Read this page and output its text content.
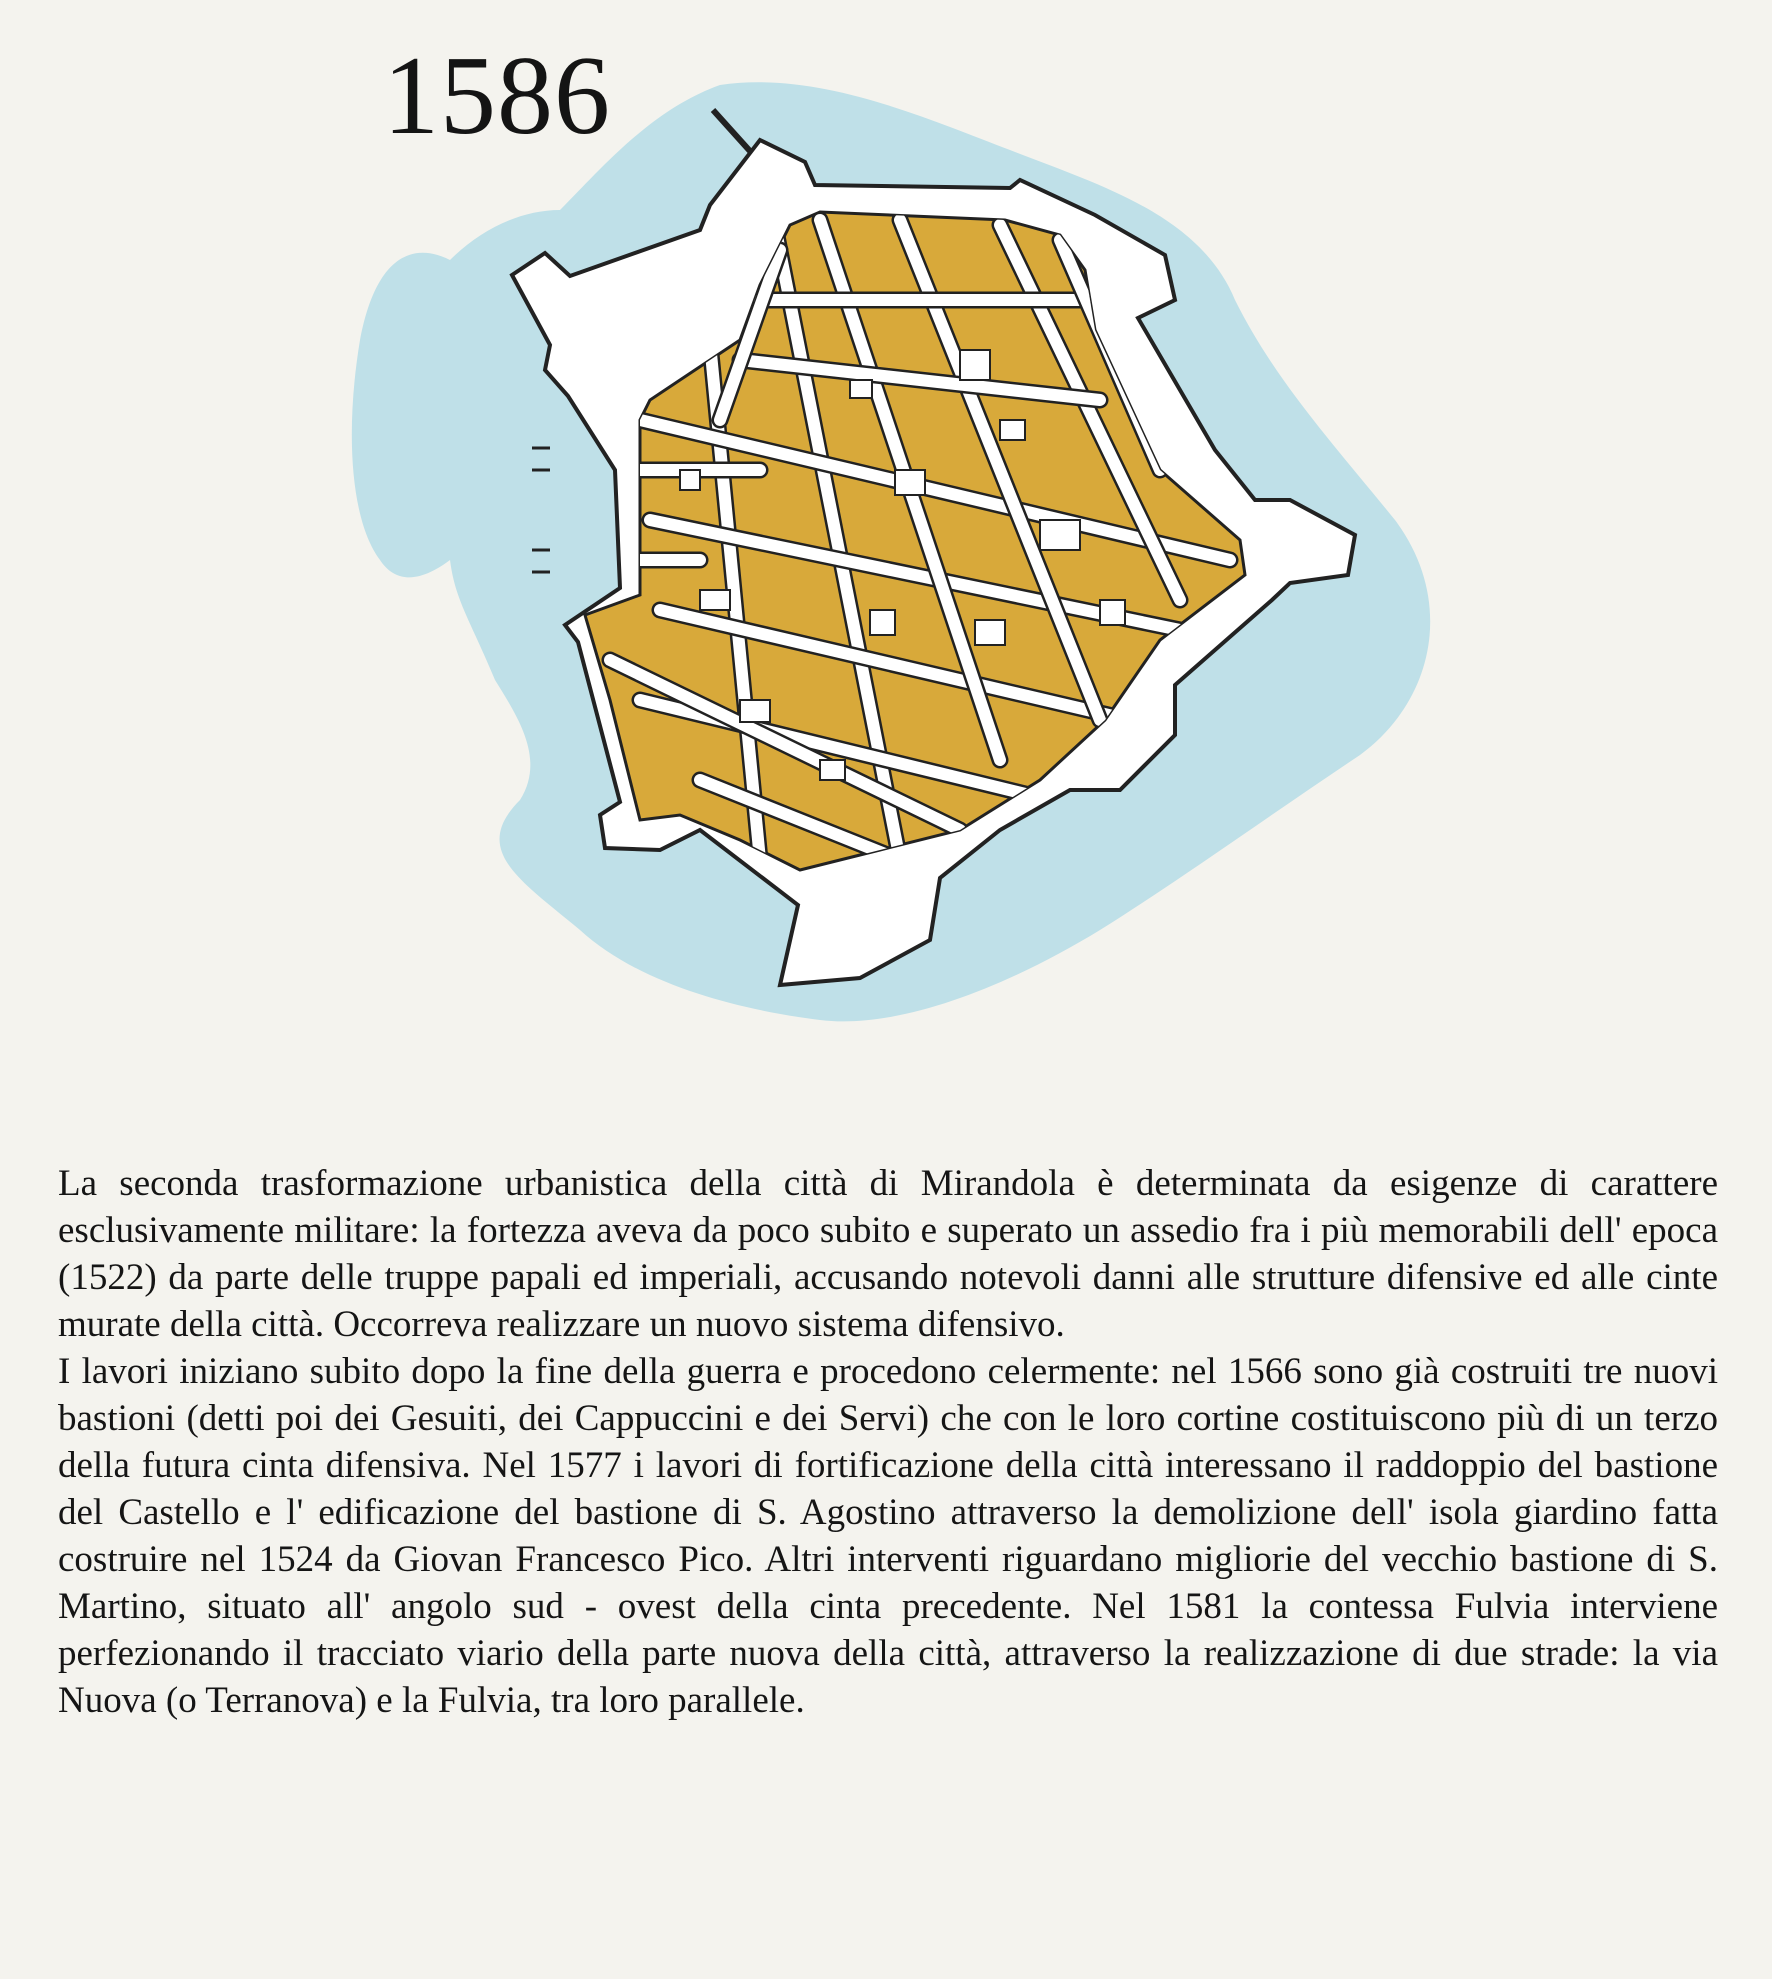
1586

La seconda trasformazione urbanistica della città di Mirandola è determinata da esigenze di carattere esclusivamente militare: la fortezza aveva da poco subito e superato un assedio fra i più memorabili dell' epoca (1522) da parte delle truppe papali ed imperiali, accusando notevoli danni alle strutture difensive ed alle cinte murate della città. Occorreva realizzare un nuovo sistema difensivo.

I lavori iniziano subito dopo la fine della guerra e procedono celermente: nel 1566 sono già costruiti tre nuovi bastioni (detti poi dei Gesuiti, dei Cappuccini e dei Servi) che con le loro cortine costituiscono più di un terzo della futura cinta difensiva. Nel 1577 i lavori di fortificazione della città interessano il raddoppio del bastione del Castello e l' edificazione del bastione di S. Agostino attraverso la demolizione dell' isola giardino fatta costruire nel 1524 da Giovan Francesco Pico. Altri interventi riguardano migliorie del vecchio bastione di S. Martino, situato all' angolo sud - ovest della cinta precedente. Nel 1581 la contessa Fulvia interviene perfezionando il tracciato viario della parte nuova della città, attraverso la realizzazione di due strade: la via Nuova (o Terranova) e la Fulvia, tra loro parallele.
